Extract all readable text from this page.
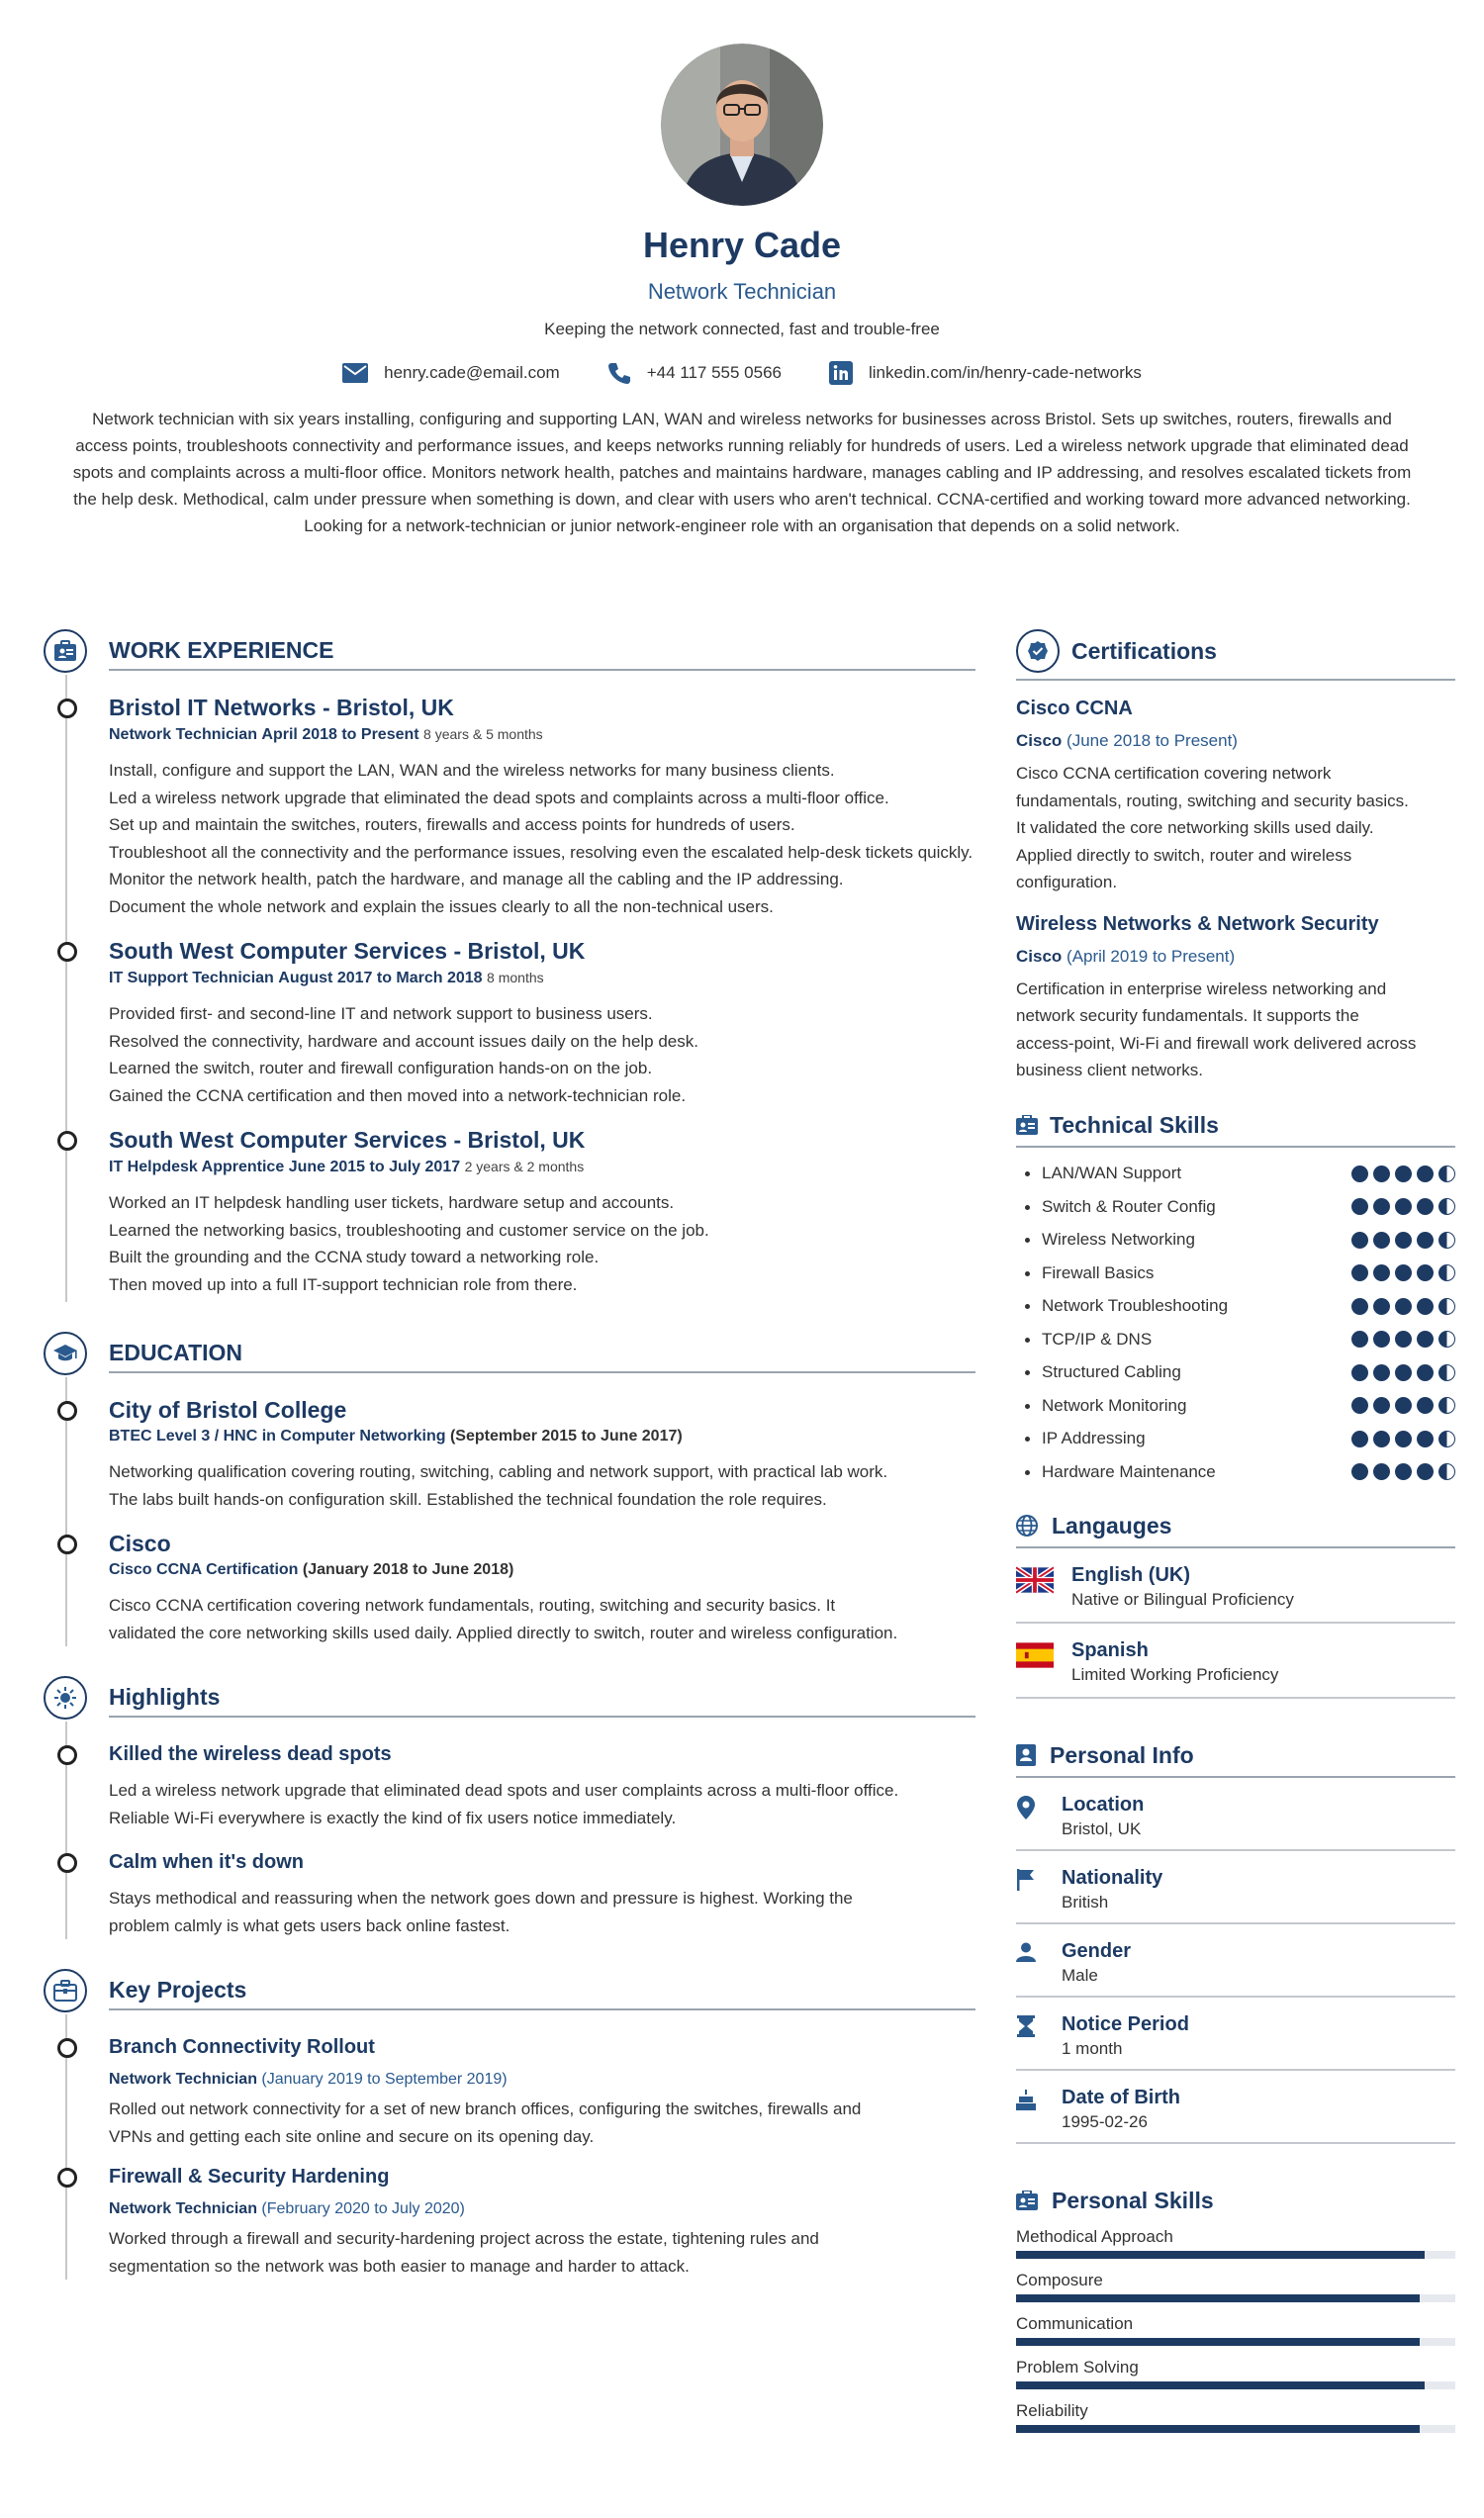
Henry Cade
Network Technician
Keeping the network connected, fast and trouble-free
henry.cade@email.com	+44 117 555 0566	linkedin.com/in/henry-cade-networks

Network technician with six years installing, configuring and supporting LAN, WAN and wireless networks for businesses across Bristol. Sets up switches, routers, firewalls and access points, troubleshoots connectivity and performance issues, and keeps networks running reliably for hundreds of users. Led a wireless network upgrade that eliminated dead spots and complaints across a multi-floor office. Monitors network health, patches and maintains hardware, manages cabling and IP addressing, and resolves escalated tickets from the help desk. Methodical, calm under pressure when something is down, and clear with users who aren't technical. CCNA-certified and working toward more advanced networking. Looking for a network-technician or junior network-engineer role with an organisation that depends on a solid network.

WORK EXPERIENCE
Bristol IT Networks - Bristol, UK
Network Technician April 2018 to Present 8 years & 5 months

Install, configure and support the LAN, WAN and the wireless networks for many business clients.

Led a wireless network upgrade that eliminated the dead spots and complaints across a multi-floor office.

Set up and maintain the switches, routers, firewalls and access points for hundreds of users.

Troubleshoot all the connectivity and the performance issues, resolving even the escalated help-desk tickets quickly.

Monitor the network health, patch the hardware, and manage all the cabling and the IP addressing.

Document the whole network and explain the issues clearly to all the non-technical users.

South West Computer Services - Bristol, UK
IT Support Technician August 2017 to March 2018 8 months

Provided first- and second-line IT and network support to business users.

Resolved the connectivity, hardware and account issues daily on the help desk.

Learned the switch, router and firewall configuration hands-on on the job.

Gained the CCNA certification and then moved into a network-technician role.

South West Computer Services - Bristol, UK
IT Helpdesk Apprentice June 2015 to July 2017 2 years & 2 months

Worked an IT helpdesk handling user tickets, hardware setup and accounts.

Learned the networking basics, troubleshooting and customer service on the job.

Built the grounding and the CCNA study toward a networking role.

Then moved up into a full IT-support technician role from there.

EDUCATION
City of Bristol College
BTEC Level 3 / HNC in Computer Networking (September 2015 to June 2017)

Networking qualification covering routing, switching, cabling and network support, with practical lab work.

The labs built hands-on configuration skill. Established the technical foundation the role requires.

Cisco
Cisco CCNA Certification (January 2018 to June 2018)

Cisco CCNA certification covering network fundamentals, routing, switching and security basics. It

validated the core networking skills used daily. Applied directly to switch, router and wireless configuration.

Highlights
Killed the wireless dead spots

Led a wireless network upgrade that eliminated dead spots and user complaints across a multi-floor office.

Reliable Wi-Fi everywhere is exactly the kind of fix users notice immediately.

Calm when it's down

Stays methodical and reassuring when the network goes down and pressure is highest. Working the

problem calmly is what gets users back online fastest.

Key Projects
Branch Connectivity Rollout
Network Technician (January 2019 to September 2019)

Rolled out network connectivity for a set of new branch offices, configuring the switches, firewalls and

VPNs and getting each site online and secure on its opening day.

Firewall & Security Hardening
Network Technician (February 2020 to July 2020)

Worked through a firewall and security-hardening project across the estate, tightening rules and

segmentation so the network was both easier to manage and harder to attack.

Certifications
Cisco CCNA
Cisco (June 2018 to Present)
Cisco CCNA certification covering network
fundamentals, routing, switching and security basics.
It validated the core networking skills used daily.
Applied directly to switch, router and wireless
configuration.
Wireless Networks & Network Security
Cisco (April 2019 to Present)
Certification in enterprise wireless networking and
network security fundamentals. It supports the
access-point, Wi-Fi and firewall work delivered across
business client networks.
Technical Skills
• LAN/WAN Support
• Switch & Router Config
• Wireless Networking
• Firewall Basics
• Network Troubleshooting
• TCP/IP & DNS
• Structured Cabling
• Network Monitoring
• IP Addressing
• Hardware Maintenance
Langauges
English (UK)
Native or Bilingual Proficiency
Spanish
Limited Working Proficiency
Personal Info
Location
Bristol, UK
Nationality
British
Gender
Male
Notice Period
1 month
Date of Birth
1995-02-26
Personal Skills
Methodical Approach
Composure
Communication
Problem Solving
Reliability
